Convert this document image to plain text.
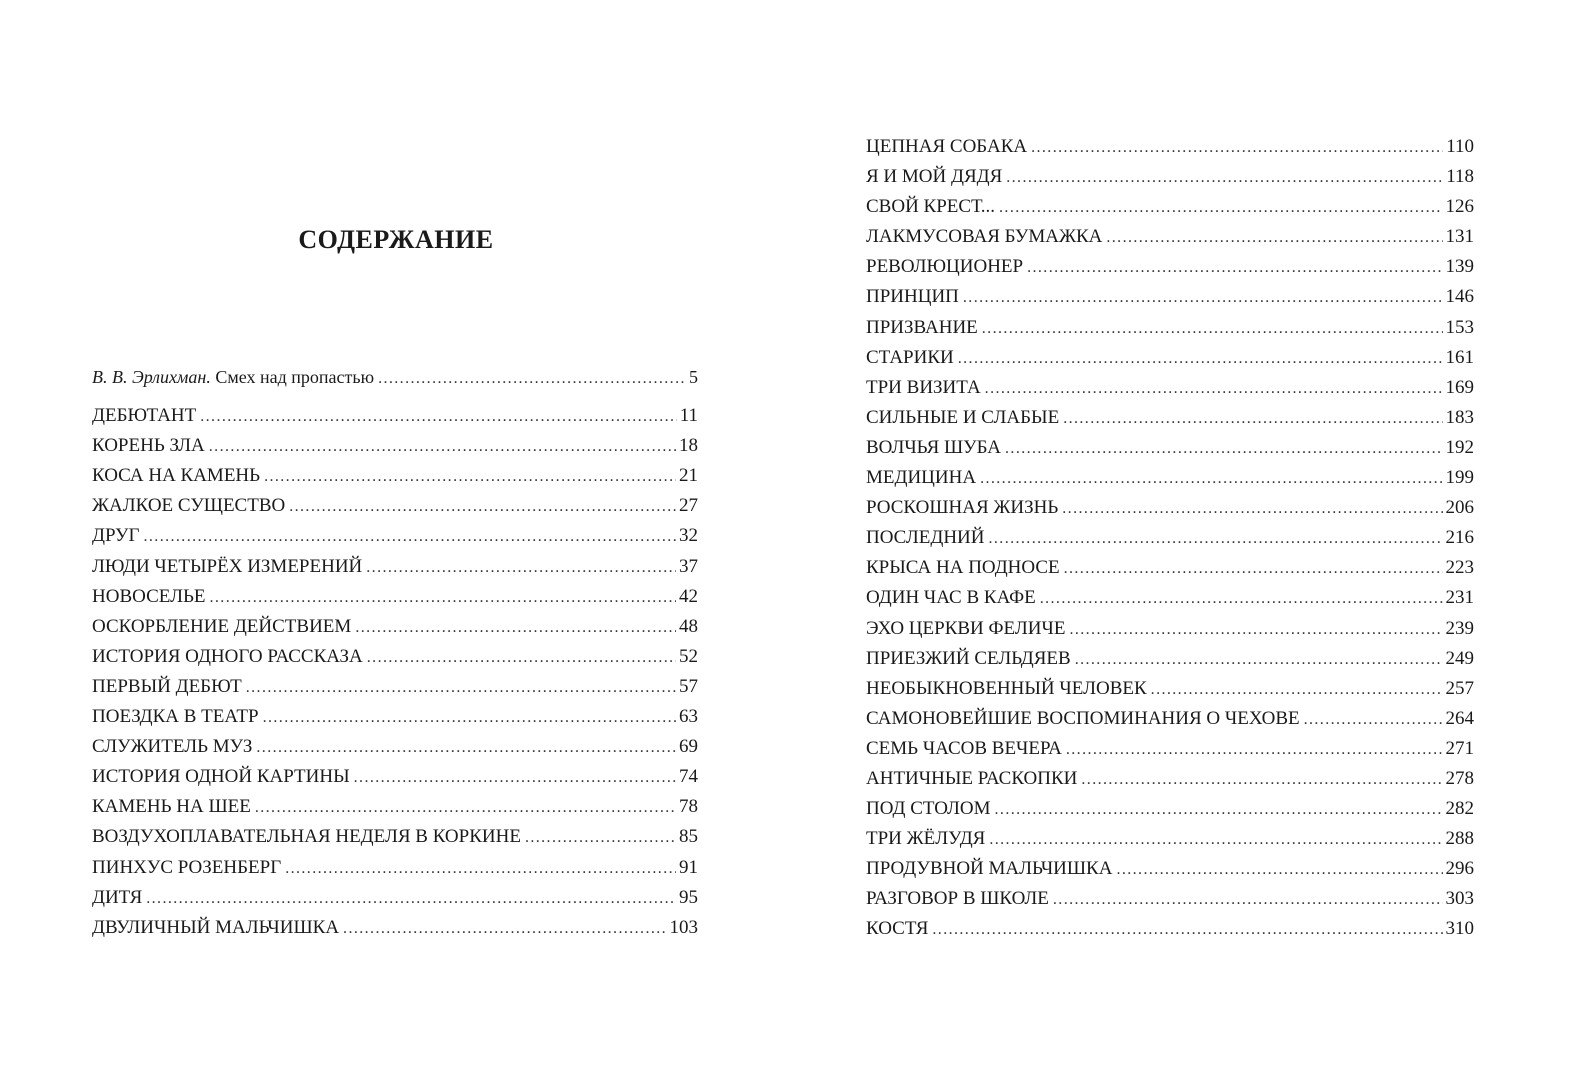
СОДЕРЖАНИЕ
В. В. Эрлихман. Смех над пропастью . . .	5
ДЕБЮТАНТ . . .	11
КОРЕНЬ ЗЛА . . .	18
КОСА НА КАМЕНЬ . . .	21
ЖАЛКОЕ СУЩЕСТВО . . .	27
ДРУГ . . .	32
ЛЮДИ ЧЕТЫРЁХ ИЗМЕРЕНИЙ . . .	37
НОВОСЕЛЬЕ . . .	42
ОСКОРБЛЕНИЕ ДЕЙСТВИЕМ . . .	48
ИСТОРИЯ ОДНОГО РАССКАЗА . . .	52
ПЕРВЫЙ ДЕБЮТ . . .	57
ПОЕЗДКА В ТЕАТР . . .	63
СЛУЖИТЕЛЬ МУЗ . . .	69
ИСТОРИЯ ОДНОЙ КАРТИНЫ . . .	74
КАМЕНЬ НА ШЕЕ . . .	78
ВОЗДУХОПЛАВАТЕЛЬНАЯ НЕДЕЛЯ В КОРКИНЕ . . .	85
ПИНХУС РОЗЕНБЕРГ . . .	91
ДИТЯ . . .	95
ДВУЛИЧНЫЙ МАЛЬЧИШКА . . .	103
ЦЕПНАЯ СОБАКА . . .	110
Я И МОЙ ДЯДЯ . . .	118
СВОЙ КРЕСТ... . . .	126
ЛАКМУСОВАЯ БУМАЖКА . . .	131
РЕВОЛЮЦИОНЕР . . .	139
ПРИНЦИП . . .	146
ПРИЗВАНИЕ . . .	153
СТАРИКИ . . .	161
ТРИ ВИЗИТА . . .	169
СИЛЬНЫЕ И СЛАБЫЕ . . .	183
ВОЛЧЬЯ ШУБА . . .	192
МЕДИЦИНА . . .	199
РОСКОШНАЯ ЖИЗНЬ . . .	206
ПОСЛЕДНИЙ . . .	216
КРЫСА НА ПОДНОСЕ . . .	223
ОДИН ЧАС В КАФЕ . . .	231
ЭХО ЦЕРКВИ ФЕЛИЧЕ . . .	239
ПРИЕЗЖИЙ СЕЛЬДЯЕВ . . .	249
НЕОБЫКНОВЕННЫЙ ЧЕЛОВЕК . . .	257
САМОНОВЕЙШИЕ ВОСПОМИНАНИЯ О ЧЕХОВЕ . . .	264
СЕМЬ ЧАСОВ ВЕЧЕРА . . .	271
АНТИЧНЫЕ РАСКОПКИ . . .	278
ПОД СТОЛОМ . . .	282
ТРИ ЖЁЛУДЯ . . .	288
ПРОДУВНОЙ МАЛЬЧИШКА . . .	296
РАЗГОВОР В ШКОЛЕ . . .	303
КОСТЯ . . .	310
